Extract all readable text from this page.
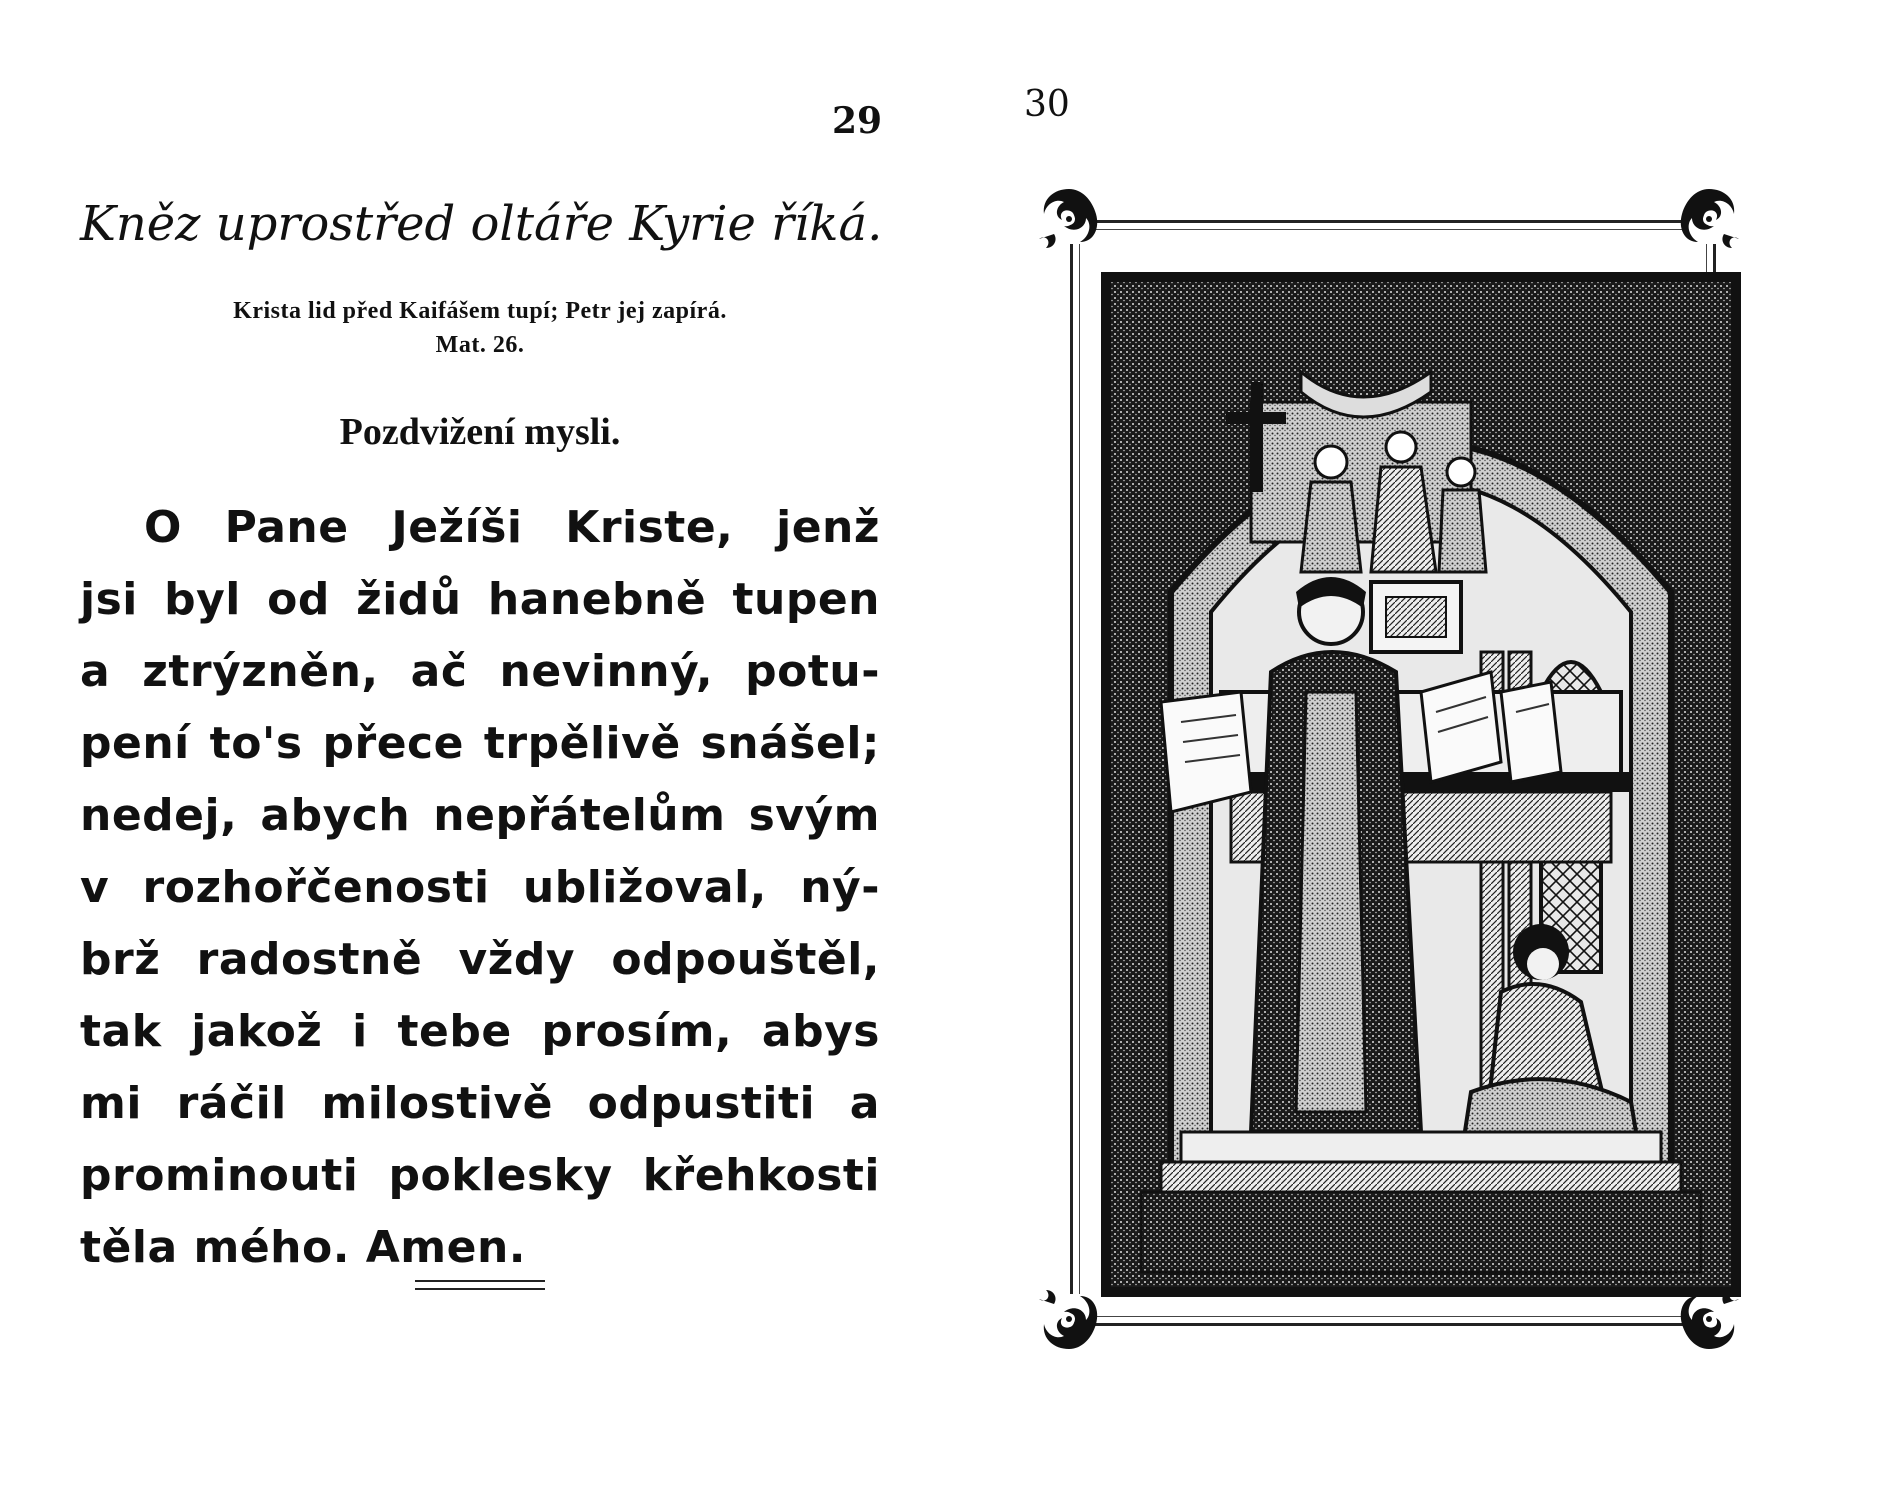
29
Kněz uprostřed oltáře Kyrie říká.
Krista lid před Kaifášem tupí; Petr jej zapírá.
Mat. 26.
Pozdvižení mysli.
O Pane Ježíši Kriste, jenž
jsi byl od židů hanebně tupen
a ztrýzněn, ač nevinný, potu-
pení to's přece trpělivě snášel;
nedej, abych nepřátelům svým
v rozhořčenosti ubližoval, ný-
brž radostně vždy odpouštěl,
tak jakož i tebe prosím, abys
mi ráčil milostivě odpustiti a
prominouti poklesky křehkosti
těla mého. Amen.
30
